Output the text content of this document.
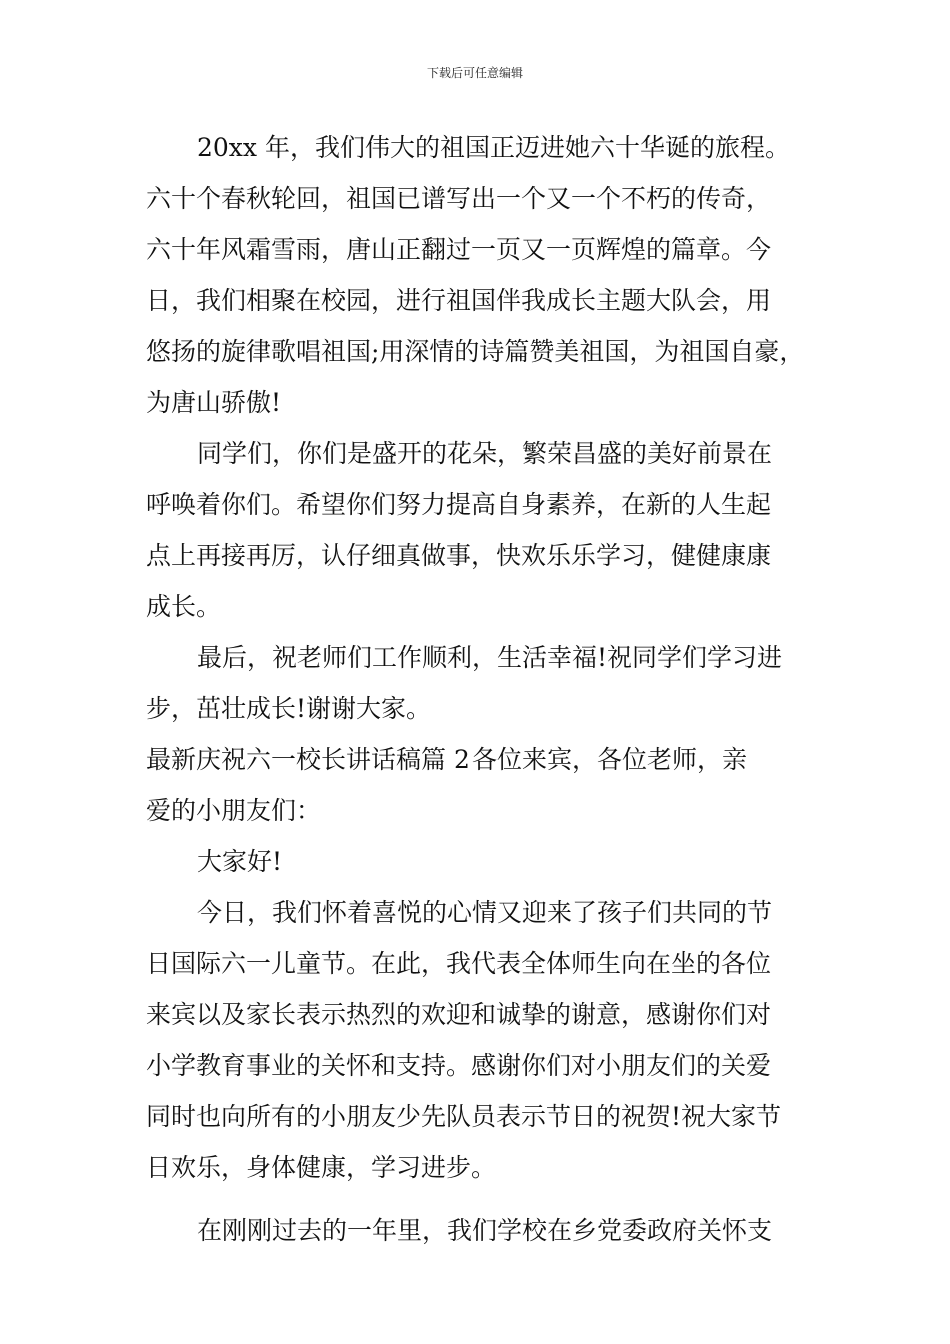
下载后可任意编辑
20xx 年，我们伟大的祖国正迈进她六十华诞的旅程。
六十个春秋轮回，祖国已谱写出一个又一个不朽的传奇，
六十年风霜雪雨，唐山正翻过一页又一页辉煌的篇章。今
日，我们相聚在校园，进行祖国伴我成长主题大队会，用
悠扬的旋律歌唱祖国;用深情的诗篇赞美祖国，为祖国自豪，
为唐山骄傲!
同学们，你们是盛开的花朵，繁荣昌盛的美好前景在
呼唤着你们。希望你们努力提高自身素养，在新的人生起
点上再接再厉，认仔细真做事，快欢乐乐学习，健健康康
成长。
最后，祝老师们工作顺利，生活幸福!祝同学们学习进
步，茁壮成长!谢谢大家。
最新庆祝六一校长讲话稿篇 2各位来宾，各位老师，亲
爱的小朋友们：
大家好!
今日，我们怀着喜悦的心情又迎来了孩子们共同的节
日国际六一儿童节。在此，我代表全体师生向在坐的各位
来宾以及家长表示热烈的欢迎和诚挚的谢意，感谢你们对
小学教育事业的关怀和支持。感谢你们对小朋友们的关爱
同时也向所有的小朋友少先队员表示节日的祝贺!祝大家节
日欢乐，身体健康，学习进步。
在刚刚过去的一年里，我们学校在乡党委政府关怀支
